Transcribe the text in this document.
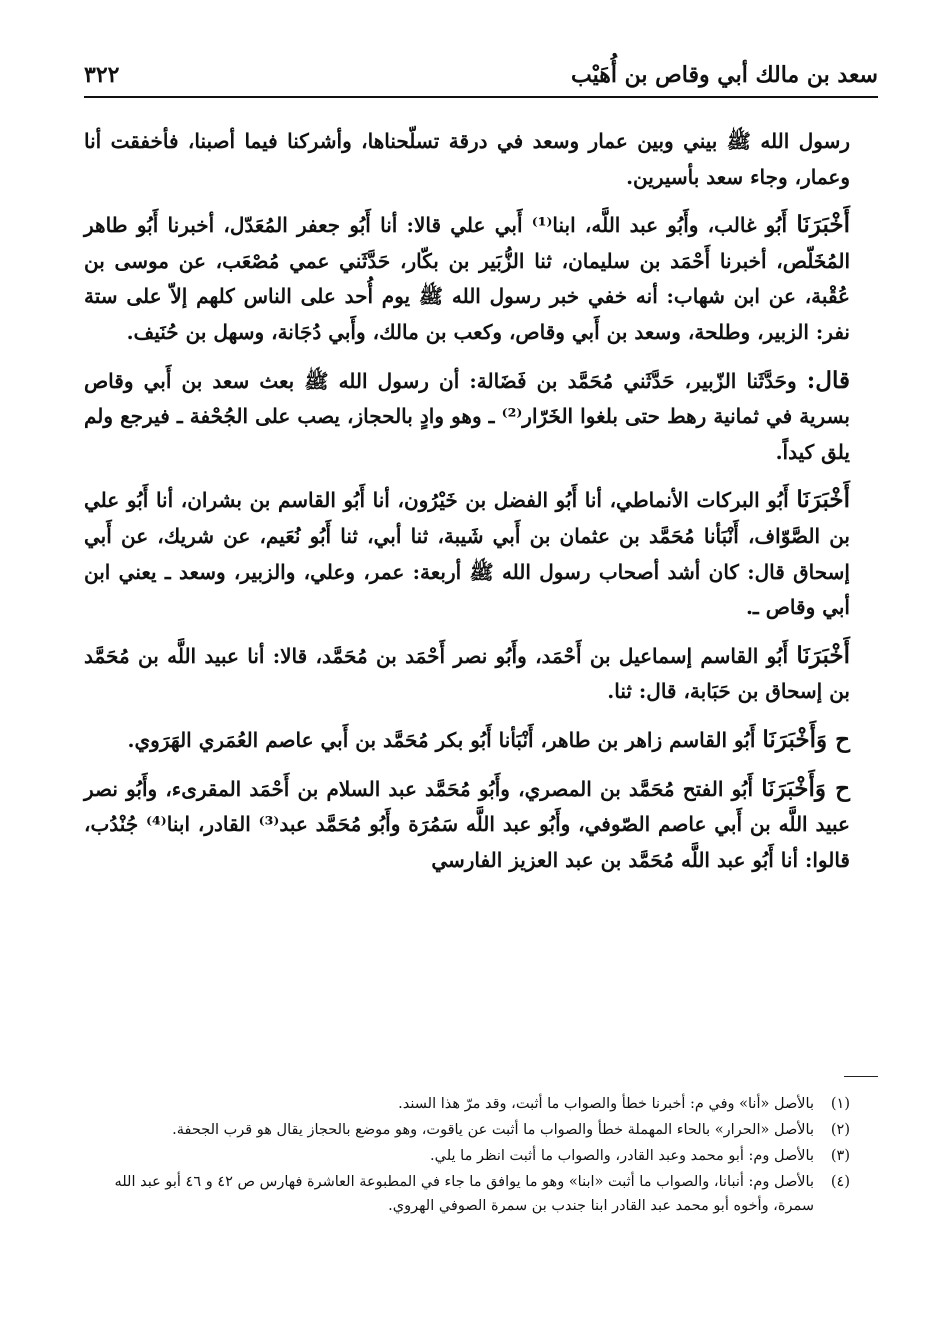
سعد بن مالك أبي وقاص بن أُهَيْب
٣٢٢

رسول الله ﷺ بيني وبين عمار وسعد في درقة تسلّحناها، وأشركنا فيما أصبنا، فأخفقت أنا وعمار، وجاء سعد بأسيرين.

أَخْبَرَنَا أَبُو غالب، وأَبُو عبد اللَّه، ابنا⁽¹⁾ أَبي علي قالا: أنا أَبُو جعفر المُعَدّل، أخبرنا أَبُو طاهر المُخَلّص، أخبرنا أَحْمَد بن سليمان، ثنا الزُّبَير بن بكّار، حَدَّثَني عمي مُصْعَب، عن موسى بن عُقْبة، عن ابن شهاب: أنه خفي خبر رسول الله ﷺ يوم أُحد على الناس كلهم إلاّ على ستة نفر: الزبير، وطلحة، وسعد بن أَبي وقاص، وكعب بن مالك، وأَبي دُجَانة، وسهل بن حُنَيف.

قال: وحَدَّثَنا الزّبير، حَدَّثَني مُحَمَّد بن فَضَالة: أن رسول الله ﷺ بعث سعد بن أَبي وقاص بسرية في ثمانية رهط حتى بلغوا الخَرّار⁽²⁾ ـ وهو وادٍ بالحجاز، يصب على الجُحْفة ـ فيرجع ولم يلق كيداً.

أَخْبَرَنَا أَبُو البركات الأنماطي، أنا أَبُو الفضل بن خَيْرُون، أنا أَبُو القاسم بن بشران، أنا أَبُو علي بن الصَّوّاف، أَنْبَأنا مُحَمَّد بن عثمان بن أَبي شَيبة، ثنا أبي، ثنا أَبُو نُعَيم، عن شريك، عن أَبي إسحاق قال: كان أشد أصحاب رسول الله ﷺ أربعة: عمر، وعلي، والزبير، وسعد ـ يعني ابن أبي وقاص ـ.

أَخْبَرَنَا أَبُو القاسم إسماعيل بن أَحْمَد، وأَبُو نصر أَحْمَد بن مُحَمَّد، قالا: أنا عبيد اللَّه بن مُحَمَّد بن إسحاق بن حَبَابة، قال: ثنا.

ح وَأَخْبَرَنَا أَبُو القاسم زاهر بن طاهر، أَنْبَأنا أَبُو بكر مُحَمَّد بن أَبي عاصم العُمَري الهَرَوي.

ح وَأَخْبَرَنَا أَبُو الفتح مُحَمَّد بن المصري، وأَبُو مُحَمَّد عبد السلام بن أَحْمَد المقرىء، وأَبُو نصر عبيد اللَّه بن أَبي عاصم الصّوفي، وأَبُو عبد اللَّه سَمُرَة وأَبُو مُحَمَّد عبد⁽³⁾ القادر، ابنا⁽⁴⁾ جُنْدُب، قالوا: أنا أَبُو عبد اللَّه مُحَمَّد بن عبد العزيز الفارسي

(١)
بالأصل «أنا» وفي م: أخبرنا خطأ والصواب ما أثبت، وقد مرّ هذا السند.
(٢)
بالأصل «الحرار» بالحاء المهملة خطأ والصواب ما أثبت عن ياقوت، وهو موضع بالحجاز يقال هو قرب الجحفة.
(٣)
بالأصل وم: أبو محمد وعبد القادر، والصواب ما أثبت انظر ما يلي.
(٤)
بالأصل وم: أنبانا، والصواب ما أثبت «ابنا» وهو ما يوافق ما جاء في المطبوعة العاشرة فهارس ص ٤٢ و ٤٦ أبو عبد الله سمرة، وأخوه أبو محمد عبد القادر ابنا جندب بن سمرة الصوفي الهروي.
